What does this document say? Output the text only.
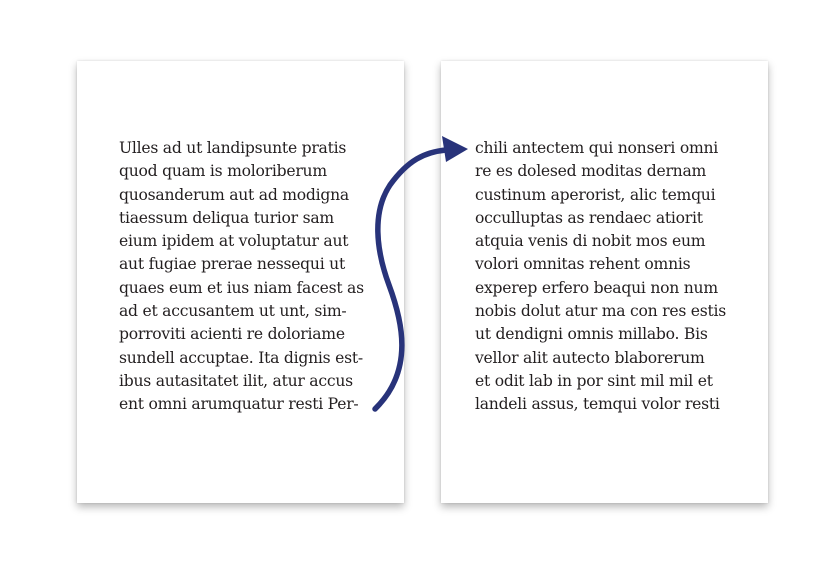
Ulles ad ut landipsunte pratis
quod quam is moloriberum
quosanderum aut ad modigna
tiaessum deliqua turior sam
eium ipidem at voluptatur aut
aut fugiae prerae nessequi ut
quaes eum et ius niam facest as
ad et accusantem ut unt, sim-
porroviti acienti re doloriame
sundell accuptae. Ita dignis est-
ibus autasitatet ilit, atur accus
ent omni arumquatur resti Per-
chili antectem qui nonseri omni
re es dolesed moditas dernam
custinum aperorist, alic temqui
occulluptas as rendaec atiorit
atquia venis di nobit mos eum
volori omnitas rehent omnis
experep erfero beaqui non num
nobis dolut atur ma con res estis
ut dendigni omnis millabo. Bis
vellor alit autecto blaborerum
et odit lab in por sint mil mil et
landeli assus, temqui volor resti
